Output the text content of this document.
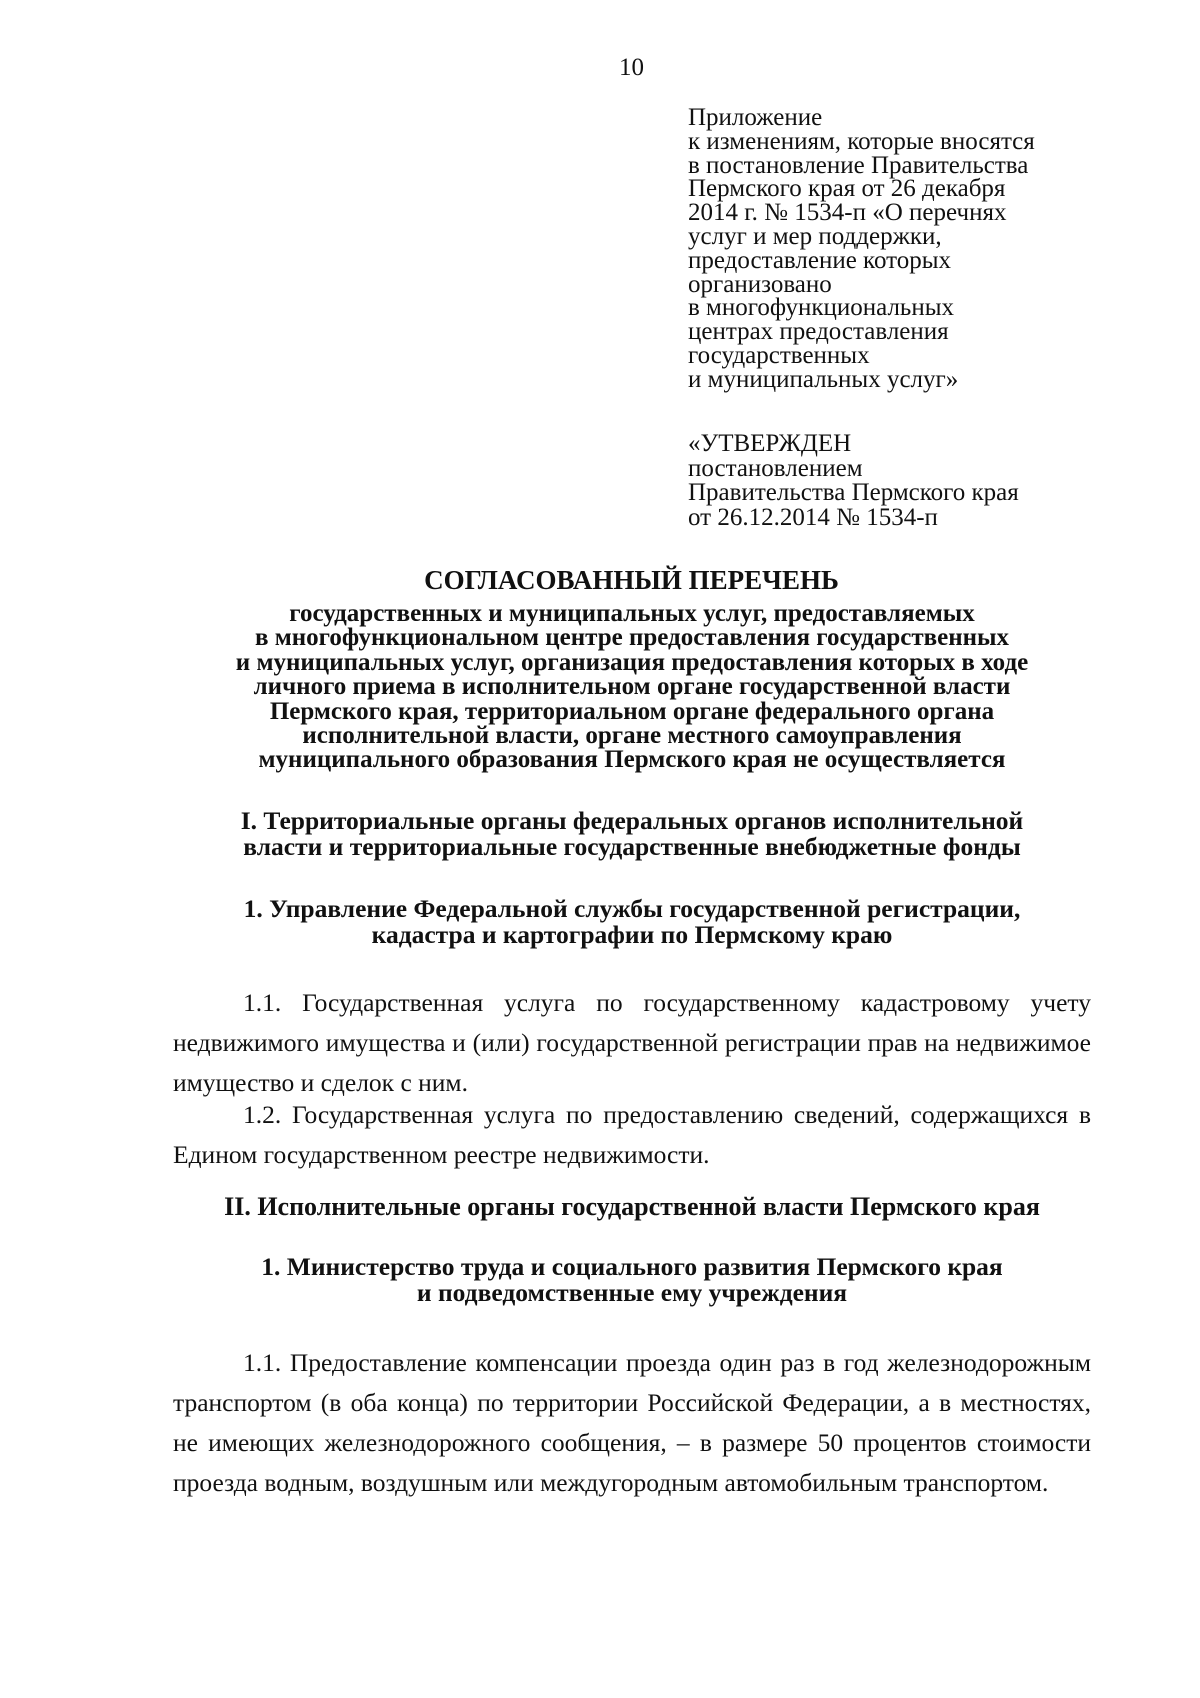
10
Приложение
к изменениям, которые вносятся
в постановление Правительства
Пермского края от 26 декабря
2014 г. № 1534-п «О перечнях
услуг и мер поддержки,
предоставление которых
организовано
в многофункциональных
центрах предоставления
государственных
и муниципальных услуг»
«УТВЕРЖДЕН
постановлением
Правительства Пермского края
от 26.12.2014 № 1534-п
СОГЛАСОВАННЫЙ ПЕРЕЧЕНЬ
государственных и муниципальных услуг, предоставляемых
в многофункциональном центре предоставления государственных
и муниципальных услуг, организация предоставления которых в ходе
личного приема в исполнительном органе государственной власти
Пермского края, территориальном органе федерального органа
исполнительной власти, органе местного самоуправления
муниципального образования Пермского края не осуществляется
I. Территориальные органы федеральных органов исполнительной
власти и территориальные государственные внебюджетные фонды
1. Управление Федеральной службы государственной регистрации,
кадастра и картографии по Пермскому краю
1.1. Государственная услуга по государственному кадастровому учету недвижимого имущества и (или) государственной регистрации прав на недвижимое имущество и сделок с ним.
1.2. Государственная услуга по предоставлению сведений, содержащихся в Едином государственном реестре недвижимости.
II. Исполнительные органы государственной власти Пермского края
1. Министерство труда и социального развития Пермского края
и подведомственные ему учреждения
1.1. Предоставление компенсации проезда один раз в год железнодорожным транспортом (в оба конца) по территории Российской Федерации, а в местностях, не имеющих железнодорожного сообщения, – в размере 50 процентов стоимости проезда водным, воздушным или междугородным автомобильным транспортом.
